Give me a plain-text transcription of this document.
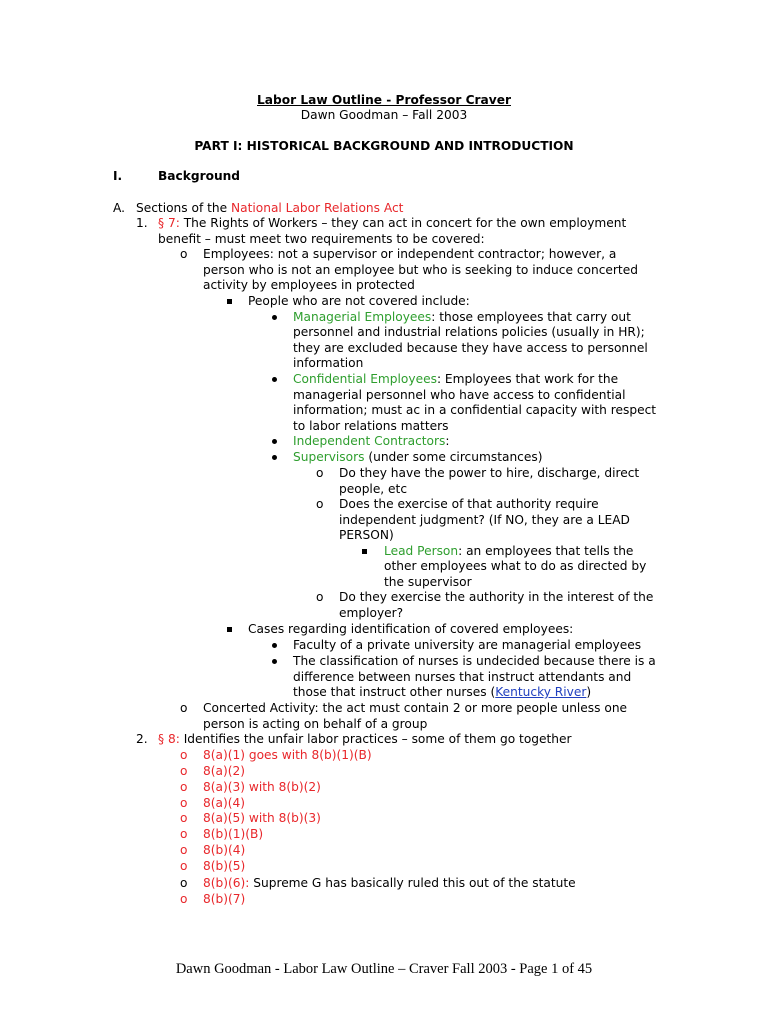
Labor Law Outline - Professor Craver
Dawn Goodman – Fall 2003
PART I: HISTORICAL BACKGROUND AND INTRODUCTION
I.	Background
A. Sections of the National Labor Relations Act
1. § 7: The Rights of Workers – they can act in concert for the own employment
benefit – must meet two requirements to be covered:
o Employees: not a supervisor or independent contractor; however, a
person who is not an employee but who is seeking to induce concerted
activity by employees in protected
People who are not covered include:
Managerial Employees: those employees that carry out
personnel and industrial relations policies (usually in HR);
they are excluded because they have access to personnel
information
Confidential Employees: Employees that work for the
managerial personnel who have access to confidential
information; must ac in a confidential capacity with respect
to labor relations matters
Independent Contractors:
Supervisors (under some circumstances)
o Do they have the power to hire, discharge, direct
people, etc
o Does the exercise of that authority require
independent judgment? (If NO, they are a LEAD
PERSON)
Lead Person: an employees that tells the
other employees what to do as directed by
the supervisor
o Do they exercise the authority in the interest of the
employer?
Cases regarding identification of covered employees:
Faculty of a private university are managerial employees
The classification of nurses is undecided because there is a
difference between nurses that instruct attendants and
those that instruct other nurses (Kentucky River)
o Concerted Activity: the act must contain 2 or more people unless one
person is acting on behalf of a group
2. § 8: Identifies the unfair labor practices – some of them go together
o 8(a)(1) goes with 8(b)(1)(B)
o 8(a)(2)
o 8(a)(3) with 8(b)(2)
o 8(a)(4)
o 8(a)(5) with 8(b)(3)
o 8(b)(1)(B)
o 8(b)(4)
o 8(b)(5)
o 8(b)(6): Supreme G has basically ruled this out of the statute
o 8(b)(7)
Dawn Goodman - Labor Law Outline – Craver Fall 2003 - Page 1 of 45
